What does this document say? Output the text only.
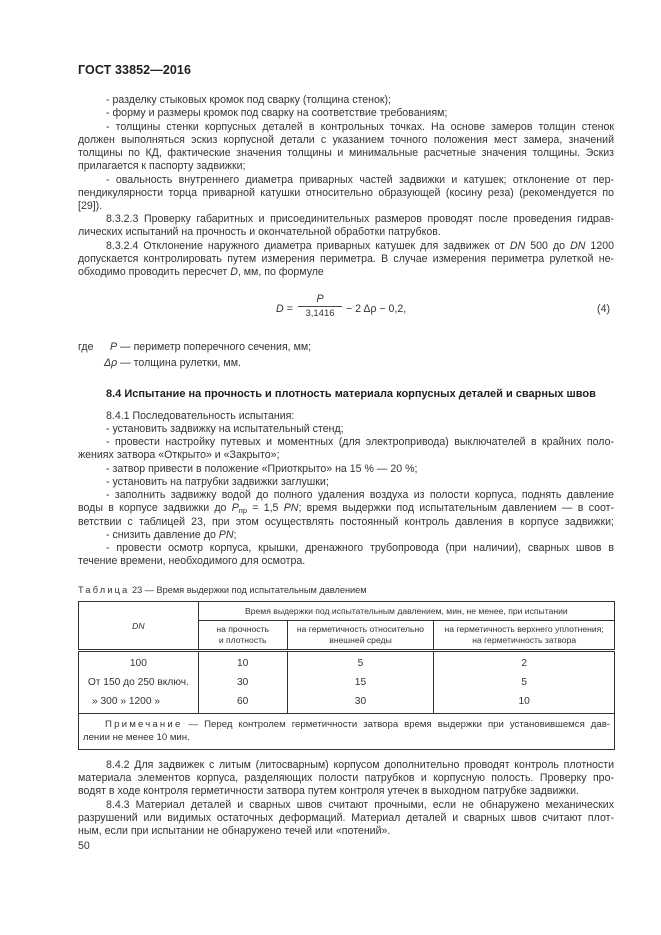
ГОСТ 33852—2016
- разделку стыковых кромок под сварку (толщина стенок);
- форму и размеры кромок под сварку на соответствие требованиям;
- толщины стенки корпусных деталей в контрольных точках. На основе замеров толщин стенок
должен выполняться эскиз корпусной детали с указанием точного положения мест замера, значений
толщины по КД, фактические значения толщины и минимальные расчетные значения толщины. Эскиз
прилагается к паспорту задвижки;
- овальность внутреннего диаметра приварных частей задвижки и катушек; отклонение от пер-
пендикулярности торца приварной катушки относительно образующей (косину реза) (рекомендуется по
[29]).
8.3.2.3 Проверку габаритных и присоединительных размеров проводят после проведения гидрав-
лических испытаний на прочность и окончательной обработки патрубков.
8.3.2.4 Отклонение наружного диаметра приварных катушек для задвижек от DN 500 до DN 1200
допускается контролировать путем измерения периметра. В случае измерения периметра рулеткой не-
обходимо проводить пересчет D, мм, по формуле
D =
P
3,1416	− 2 Δρ − 0,2,	(4)
где P — периметр поперечного сечения, мм;
Δρ — толщина рулетки, мм.
8.4 Испытание на прочность и плотность материала корпусных деталей и сварных швов
8.4.1 Последовательность испытания:
- установить задвижку на испытательный стенд;
- провести настройку путевых и моментных (для электропривода) выключателей в крайних поло-
жениях затвора «Открыто» и «Закрыто»;
- затвор привести в положение «Приоткрыто» на 15 % — 20 %;
- установить на патрубки задвижки заглушки;
- заполнить задвижку водой до полного удаления воздуха из полости корпуса, поднять давление
воды в корпусе задвижки до $P_{пр} = 1,5$ PN; время выдержки под испытательным давлением — в соот-
ветствии с таблицей 23, при этом осуществлять постоянный контроль давления в корпусе задвижки;
- снизить давление до PN;
- провести осмотр корпуса, крышки, дренажного трубопровода (при наличии), сварных швов в
течение времени, необходимого для осмотра.
Таблица 23 — Время выдержки под испытательным давлением
DN	Время выдержки под испытательным давлением, мин, не менее, при испытании		
	на прочность
и плотность	на герметичность относительно
внешней среды	на герметичность верхнего уплотнения;
на герметичность затвора
100	10	5	2
От 150 до 250 включ.	30	15	5
» 300 » 1200 »	60	30	10

Примечание — Перед контролем герметичности затвора время выдержки при установившемся дав-
лении не менее 10 мин.			
8.4.2 Для задвижек с литым (литосварным) корпусом дополнительно проводят контроль плотности
материала элементов корпуса, разделяющих полости патрубков и корпусную полость. Проверку про-
водят в ходе контроля герметичности затвора путем контроля утечек в выходном патрубке задвижки.
8.4.3 Материал деталей и сварных швов считают прочными, если не обнаружено механических
разрушений или видимых остаточных деформаций. Материал деталей и сварных швов считают плот-
ным, если при испытании не обнаружено течей или «потений».
50
